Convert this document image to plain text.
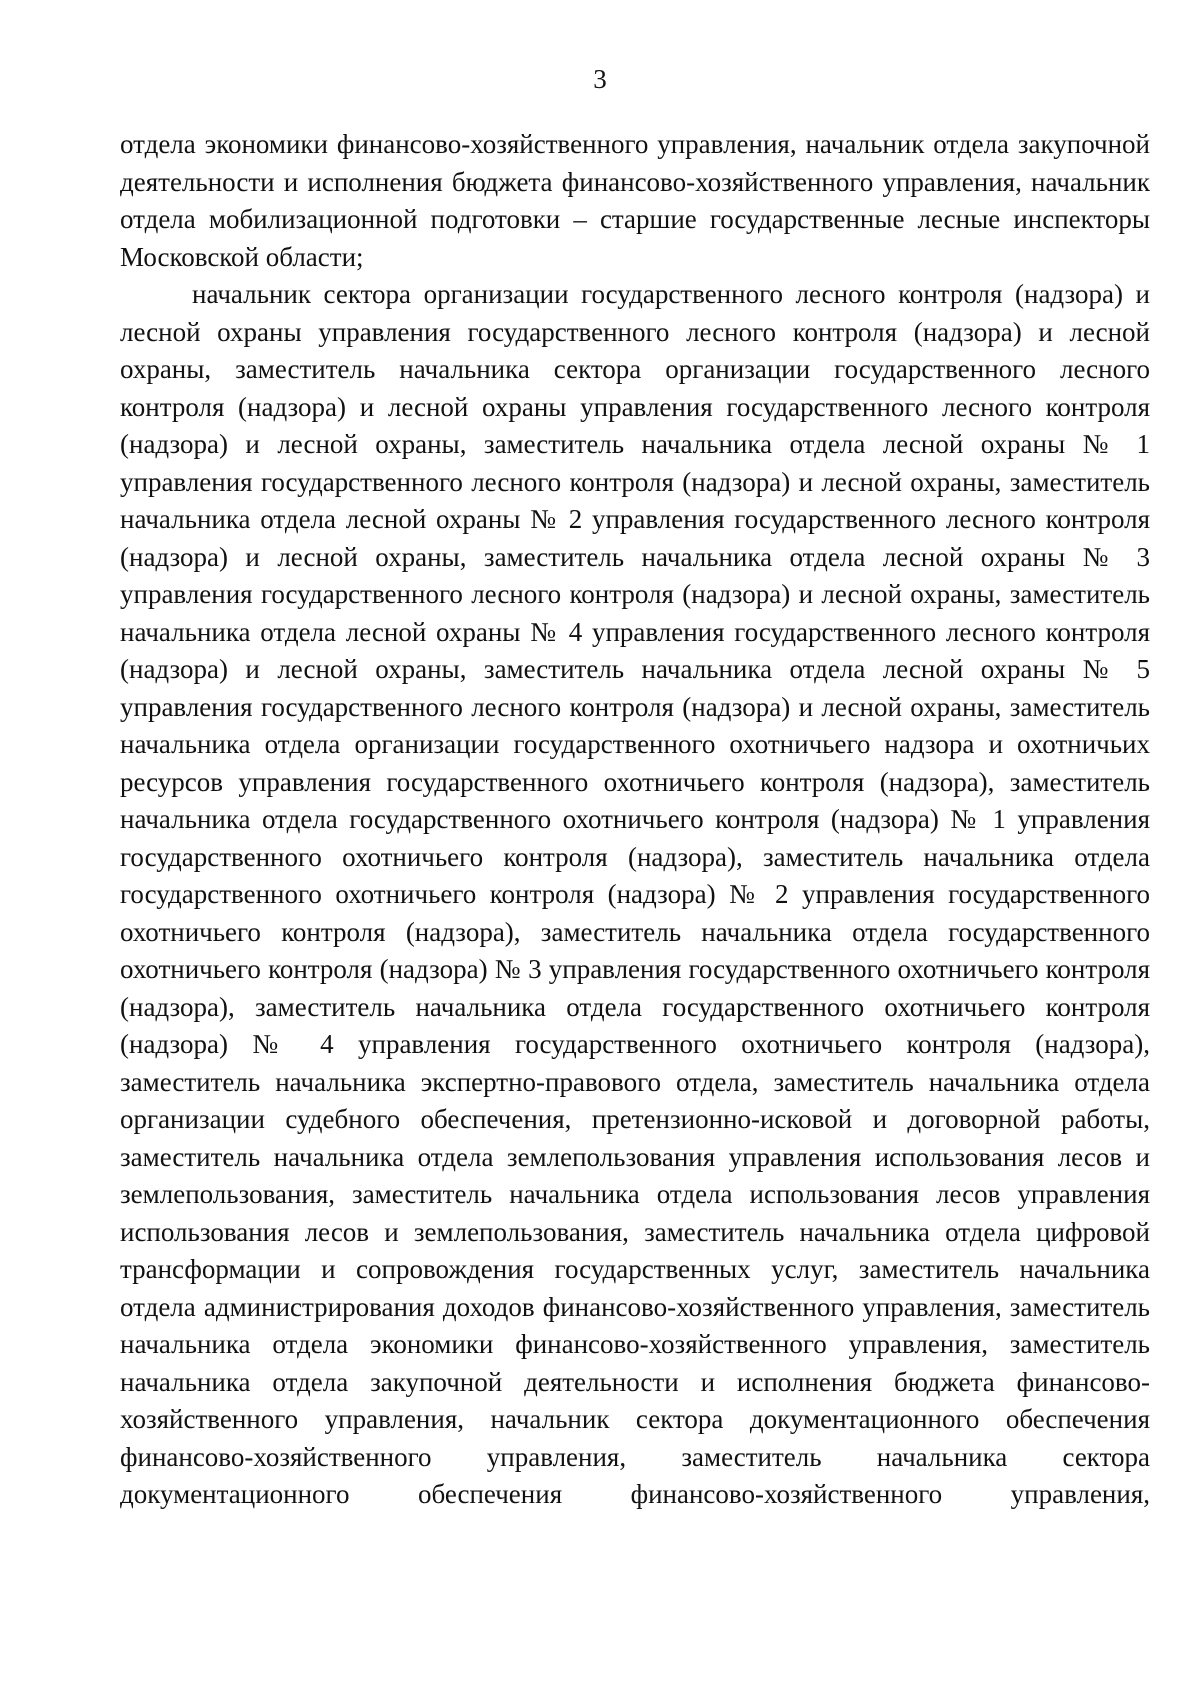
3

отдела экономики финансово-хозяйственного управления, начальник отдела закупочной деятельности и исполнения бюджета финансово-хозяйственного управления, начальник отдела мобилизационной подготовки – старшие государственные лесные инспекторы Московской области;

начальник сектора организации государственного лесного контроля (надзора) и лесной охраны управления государственного лесного контроля (надзора) и лесной охраны, заместитель начальника сектора организации государственного лесного контроля (надзора) и лесной охраны управления государственного лесного контроля (надзора) и лесной охраны, заместитель начальника отдела лесной охраны № 1 управления государственного лесного контроля (надзора) и лесной охраны, заместитель начальника отдела лесной охраны № 2 управления государственного лесного контроля (надзора) и лесной охраны, заместитель начальника отдела лесной охраны № 3 управления государственного лесного контроля (надзора) и лесной охраны, заместитель начальника отдела лесной охраны № 4 управления государственного лесного контроля (надзора) и лесной охраны, заместитель начальника отдела лесной охраны № 5 управления государственного лесного контроля (надзора) и лесной охраны, заместитель начальника отдела организации государственного охотничьего надзора и охотничьих ресурсов управления государственного охотничьего контроля (надзора), заместитель начальника отдела государственного охотничьего контроля (надзора) № 1 управления государственного охотничьего контроля (надзора), заместитель начальника отдела государственного охотничьего контроля (надзора) № 2 управления государственного охотничьего контроля (надзора), заместитель начальника отдела государственного охотничьего контроля (надзора) № 3 управления государственного охотничьего контроля (надзора), заместитель начальника отдела государственного охотничьего контроля (надзора) № 4 управления государственного охотничьего контроля (надзора), заместитель начальника экспертно-правового отдела, заместитель начальника отдела организации судебного обеспечения, претензионно-исковой и договорной работы, заместитель начальника отдела землепользования управления использования лесов и землепользования, заместитель начальника отдела использования лесов управления использования лесов и землепользования, заместитель начальника отдела цифровой трансформации и сопровождения государственных услуг, заместитель начальника отдела администрирования доходов финансово-хозяйственного управления, заместитель начальника отдела экономики финансово-хозяйственного управления, заместитель начальника отдела закупочной деятельности и исполнения бюджета финансово-хозяйственного управления, начальник сектора документационного обеспечения финансово-хозяйственного управления, заместитель начальника сектора документационного обеспечения финансово-хозяйственного управления,
